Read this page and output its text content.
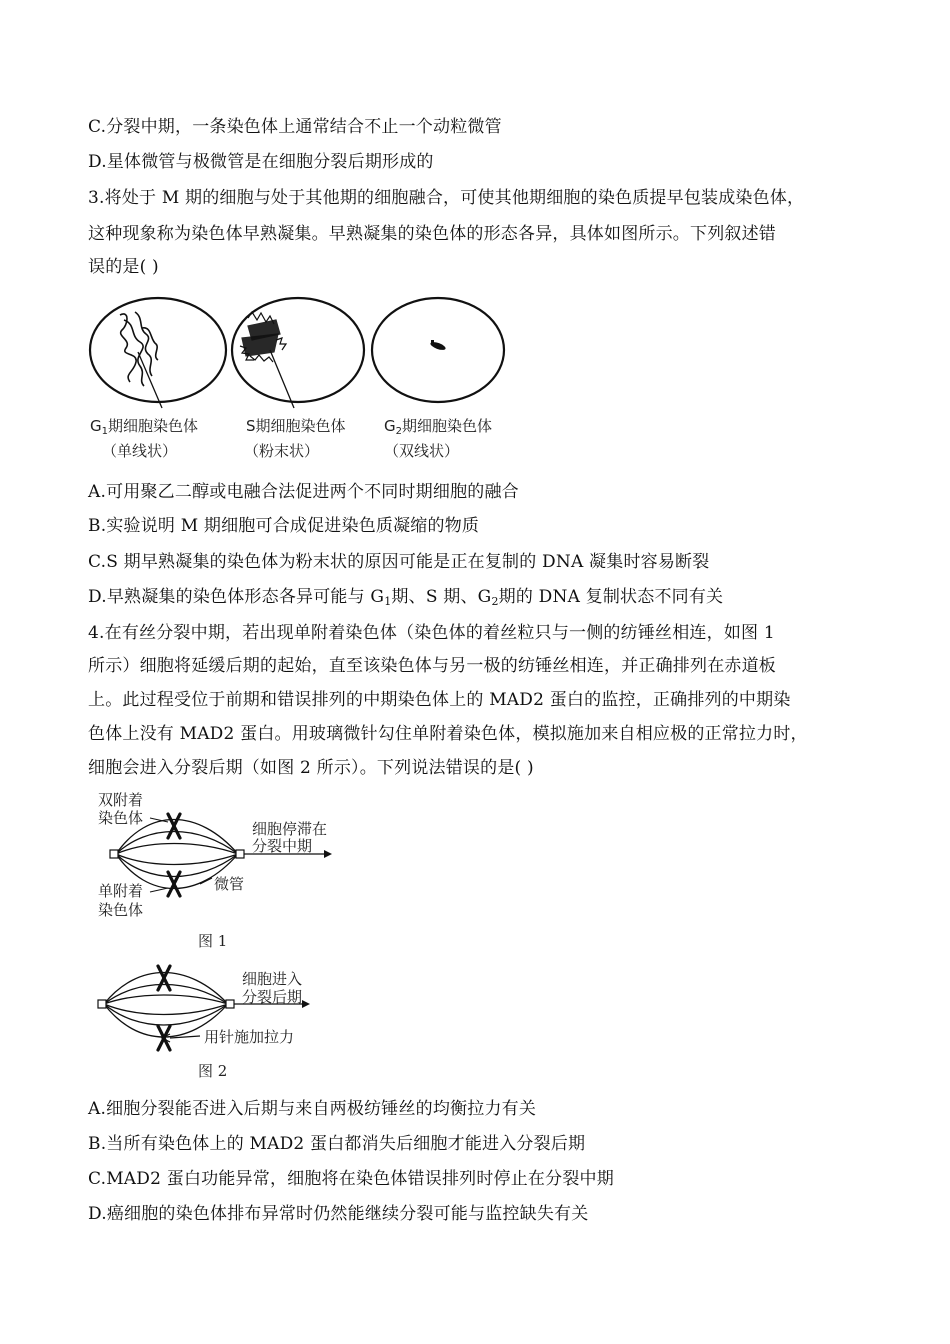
C.分裂中期，一条染色体上通常结合不止一个动粒微管
D.星体微管与极微管是在细胞分裂后期形成的
3.将处于 M 期的细胞与处于其他期的细胞融合，可使其他期细胞的染色质提早包装成染色体，
这种现象称为染色体早熟凝集。早熟凝集的染色体的形态各异，具体如图所示。下列叙述错
误的是( )
$G_1$期细胞染色体
（单线状）
S期细胞染色体
（粉末状）
$G_2$期细胞染色体
（双线状）
A.可用聚乙二醇或电融合法促进两个不同时期细胞的融合
B.实验说明 M 期细胞可合成促进染色质凝缩的物质
C.S 期早熟凝集的染色体为粉末状的原因可能是正在复制的 DNA 凝集时容易断裂
D.早熟凝集的染色体形态各异可能与 $G_1$期、S 期、$G_2$期的 DNA 复制状态不同有关
4.在有丝分裂中期，若出现单附着染色体（染色体的着丝粒只与一侧的纺锤丝相连，如图 1
所示）细胞将延缓后期的起始，直至该染色体与另一极的纺锤丝相连，并正确排列在赤道板
上。此过程受位于前期和错误排列的中期染色体上的 MAD2 蛋白的监控，正确排列的中期染
色体上没有 MAD2 蛋白。用玻璃微针勾住单附着染色体，模拟施加来自相应极的正常拉力时，
细胞会进入分裂后期（如图 2 所示）。下列说法错误的是( )
双附着
染色体
细胞停滞在
分裂中期
单附着
染色体
微管
图 1
细胞进入
分裂后期
用针施加拉力
图 2
A.细胞分裂能否进入后期与来自两极纺锤丝的均衡拉力有关
B.当所有染色体上的 MAD2 蛋白都消失后细胞才能进入分裂后期
C.MAD2 蛋白功能异常，细胞将在染色体错误排列时停止在分裂中期
D.癌细胞的染色体排布异常时仍然能继续分裂可能与监控缺失有关
